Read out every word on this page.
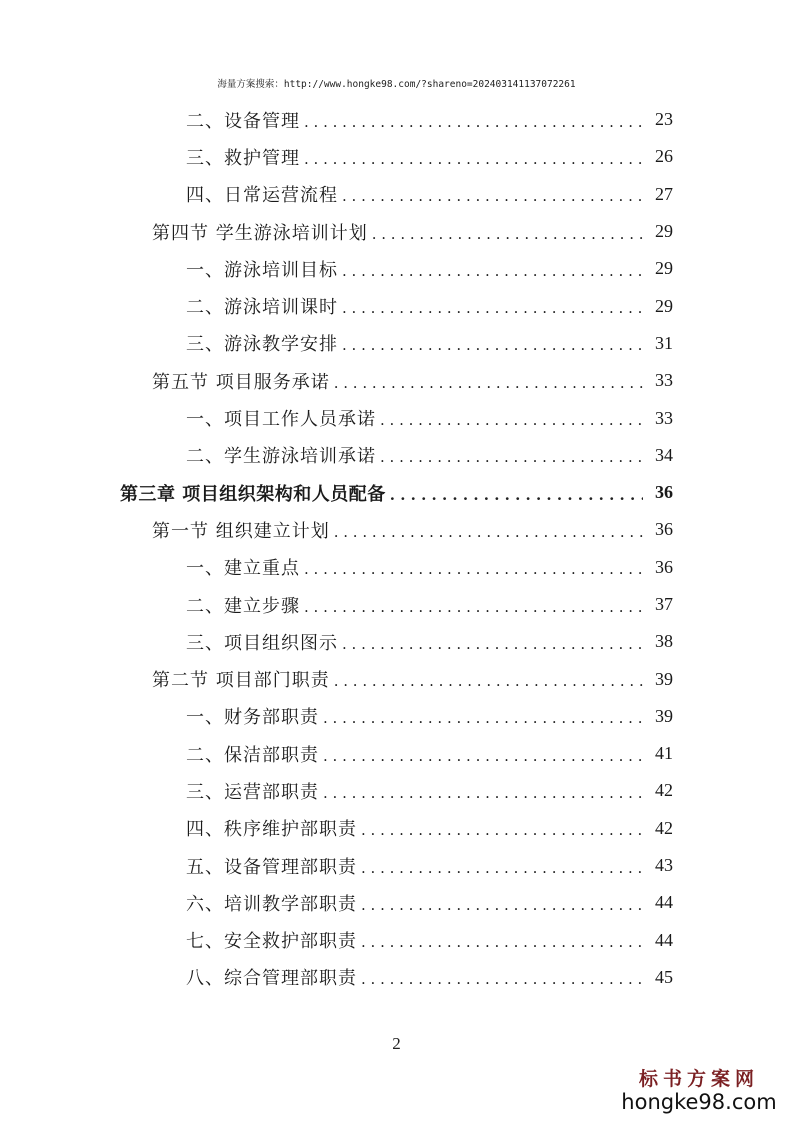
海量方案搜索：http://www.hongke98.com/?shareno=202403141137072261
二、设备管理 . . .	23
三、救护管理 . . .	26
四、日常运营流程 . . .	27
第四节 学生游泳培训计划 . . .	29
一、游泳培训目标 . . .	29
二、游泳培训课时 . . .	29
三、游泳教学安排 . . .	31
第五节 项目服务承诺 . . .	33
一、项目工作人员承诺 . . .	33
二、学生游泳培训承诺 . . .	34
第三章 项目组织架构和人员配备 . . .	36
第一节 组织建立计划 . . .	36
一、建立重点 . . .	36
二、建立步骤 . . .	37
三、项目组织图示 . . .	38
第二节 项目部门职责 . . .	39
一、财务部职责 . . .	39
二、保洁部职责 . . .	41
三、运营部职责 . . .	42
四、秩序维护部职责 . . .	42
五、设备管理部职责 . . .	43
六、培训教学部职责 . . .	44
七、安全救护部职责 . . .	44
八、综合管理部职责 . . .	45
2
标书方案网
hongke98.com
